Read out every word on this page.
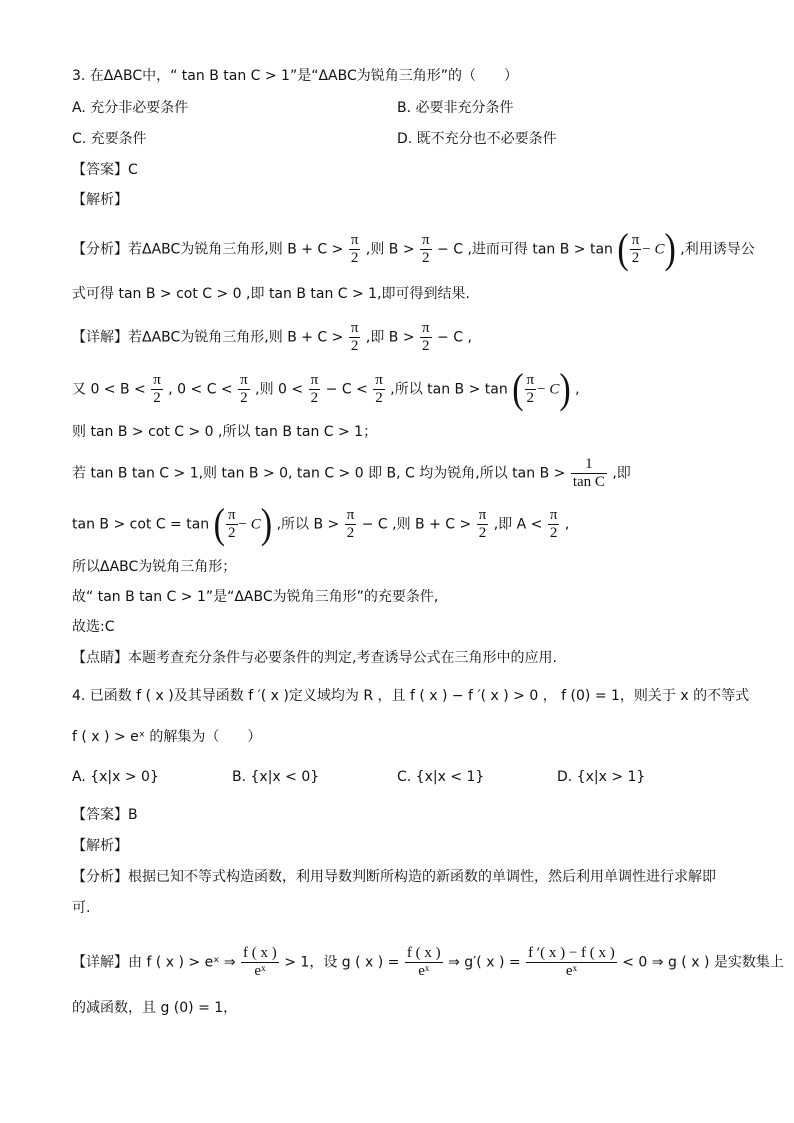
3. 在ΔABC中，“ tan B tan C > 1”是“ΔABC为锐角三角形”的（　　）
A. 充分非必要条件	B. 必要非充分条件
C. 充要条件	D. 既不充分也不必要条件
【答案】C
【解析】
【分析】若ΔABC为锐角三角形,则 $B + C > \frac{\pi}{2}$ ,则 $B > \frac{\pi}{2} - C$ ,进而可得 tan B > tan ( $\frac{\pi}{2} - C$) ,利用诱导公
式可得 tan B > cot C > 0 ,即 tan B tan C > 1,即可得到结果.
【详解】若ΔABC为锐角三角形,则 $B + C > \frac{\pi}{2}$ ,即 $B > \frac{\pi}{2} - C$ ,
又 $0 < B < \frac{\pi}{2}$ , $0 < C < \frac{\pi}{2}$ ,则 $0 < \frac{\pi}{2} - C < \frac{\pi}{2}$ ,所以 tan B > tan ( $\frac{\pi}{2} - C$) ,
则 tan B > cot C > 0 ,所以 tan B tan C > 1；
若 tan B tan C > 1,则 tan B > 0, tan C > 0 即 B, C 均为锐角,所以 $\tan B > \frac{1}{\text{tan C}}$ ,即
tan B > cot C = tan ( $\frac{\pi}{2} - C$) ,所以 $B > \frac{\pi}{2} - C$ ,则 $B + C > \frac{\pi}{2}$ ,即 $A < \frac{\pi}{2}$ ,
所以ΔABC为锐角三角形；
故“ tan B tan C > 1”是“ΔABC为锐角三角形”的充要条件,
故选:C
【点睛】本题考查充分条件与必要条件的判定,考查诱导公式在三角形中的应用.
4. 已函数 f ( x )及其导函数 f ′( x )定义域均为 R ，且 f ( x ) − f ′( x ) > 0 ， f (0) = 1，则关于 x 的不等式
f ( x ) > eˣ 的解集为（　　）
A. {x|x > 0}	B. {x|x < 0}	C. {x|x < 1}	D. {x|x > 1}
【答案】B
【解析】
【分析】根据已知不等式构造函数，利用导数判断所构造的新函数的单调性，然后利用单调性进行求解即
可.
【详解】由 f ( x ) > eˣ ⇒ $\frac{f ( x )}{\text{eˣ}} > 1$，设 g ( x ) = $\frac{f ( x )}{\text{eˣ}}$ ⇒ g′( x ) = $\frac{f '( x ) - f ( x )}{\text{eˣ}} < 0$ ⇒ g ( x ) 是实数集上
的减函数，且 g (0) = 1，
